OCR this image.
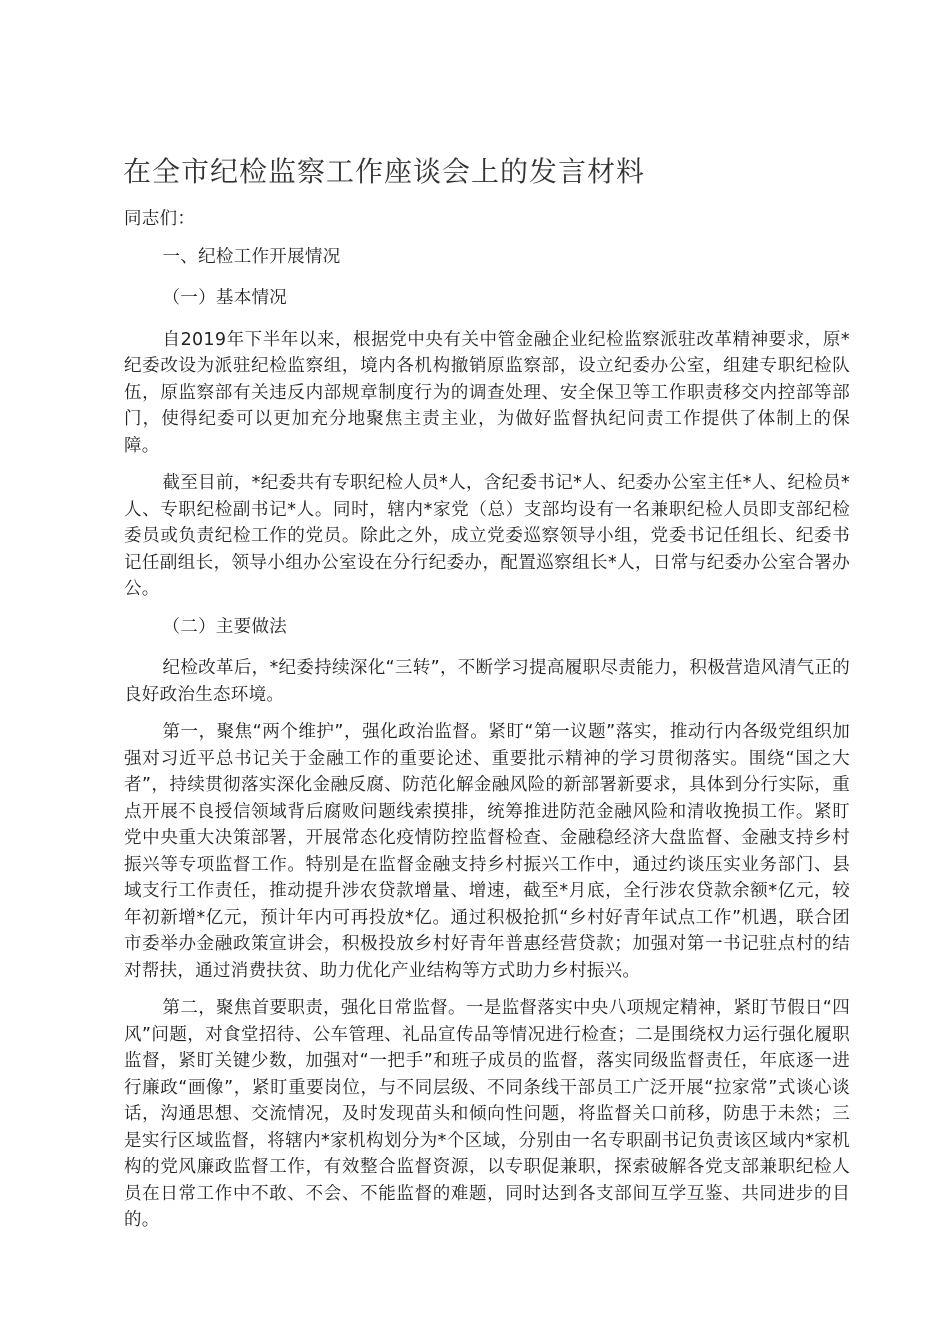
在全市纪检监察工作座谈会上的发言材料

同志们：

一、纪检工作开展情况

（一）基本情况

自2019年下半年以来，根据党中央有关中管金融企业纪检监察派驻改革精神要求，原*纪委改设为派驻纪检监察组，境内各机构撤销原监察部，设立纪委办公室，组建专职纪检队伍，原监察部有关违反内部规章制度行为的调查处理、安全保卫等工作职责移交内控部等部门，使得纪委可以更加充分地聚焦主责主业，为做好监督执纪问责工作提供了体制上的保障。

截至目前，*纪委共有专职纪检人员*人，含纪委书记*人、纪委办公室主任*人、纪检员*人、专职纪检副书记*人。同时，辖内*家党（总）支部均设有一名兼职纪检人员即支部纪检委员或负责纪检工作的党员。除此之外，成立党委巡察领导小组，党委书记任组长、纪委书记任副组长，领导小组办公室设在分行纪委办，配置巡察组长*人，日常与纪委办公室合署办公。

（二）主要做法

纪检改革后，*纪委持续深化“三转”，不断学习提高履职尽责能力，积极营造风清气正的良好政治生态环境。

第一，聚焦“两个维护”，强化政治监督。紧盯“第一议题”落实，推动行内各级党组织加强对习近平总书记关于金融工作的重要论述、重要批示精神的学习贯彻落实。围绕“国之大者”，持续贯彻落实深化金融反腐、防范化解金融风险的新部署新要求，具体到分行实际，重点开展不良授信领域背后腐败问题线索摸排，统筹推进防范金融风险和清收挽损工作。紧盯党中央重大决策部署，开展常态化疫情防控监督检查、金融稳经济大盘监督、金融支持乡村振兴等专项监督工作。特别是在监督金融支持乡村振兴工作中，通过约谈压实业务部门、县域支行工作责任，推动提升涉农贷款增量、增速，截至*月底，全行涉农贷款余额*亿元，较年初新增*亿元，预计年内可再投放*亿。通过积极抢抓“乡村好青年试点工作”机遇，联合团市委举办金融政策宣讲会，积极投放乡村好青年普惠经营贷款；加强对第一书记驻点村的结对帮扶，通过消费扶贫、助力优化产业结构等方式助力乡村振兴。

第二，聚焦首要职责，强化日常监督。一是监督落实中央八项规定精神，紧盯节假日“四风”问题，对食堂招待、公车管理、礼品宣传品等情况进行检查；二是围绕权力运行强化履职监督，紧盯关键少数，加强对“一把手”和班子成员的监督，落实同级监督责任，年底逐一进行廉政“画像”，紧盯重要岗位，与不同层级、不同条线干部员工广泛开展“拉家常”式谈心谈话，沟通思想、交流情况，及时发现苗头和倾向性问题，将监督关口前移，防患于未然；三是实行区域监督，将辖内*家机构划分为*个区域，分别由一名专职副书记负责该区域内*家机构的党风廉政监督工作，有效整合监督资源，以专职促兼职，探索破解各党支部兼职纪检人员在日常工作中不敢、不会、不能监督的难题，同时达到各支部间互学互鉴、共同进步的目的。
